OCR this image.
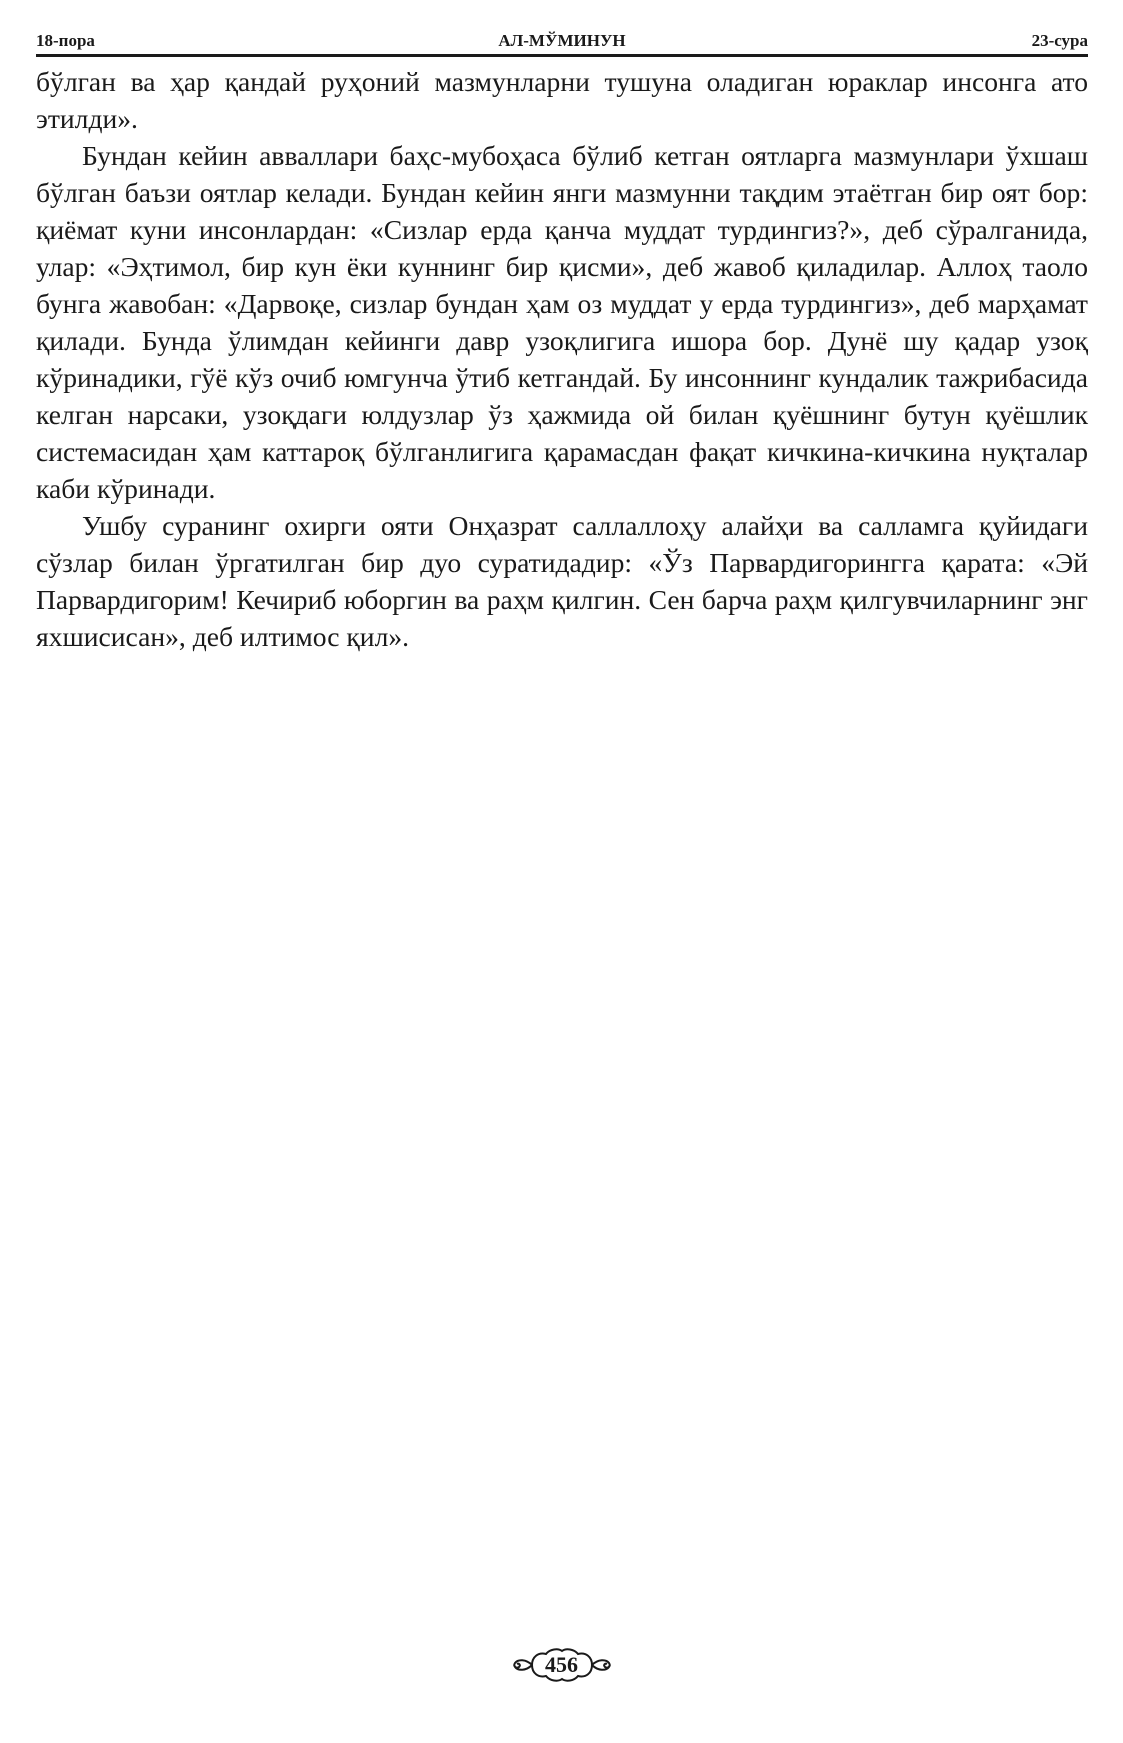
18-пора	АЛ-МЎМИНУН	23-сура

бўлган ва ҳар қандай руҳоний мазмунларни тушуна оладиган юраклар инсонга ато этилди».

Бундан кейин авваллари баҳс-мубоҳаса бўлиб кетган оятларга мазмунлари ўхшаш бўлган баъзи оятлар келади. Бундан кейин янги мазмунни тақдим этаётган бир оят бор: қиёмат куни инсонлардан: «Сизлар ерда қанча муддат турдингиз?», деб сўралганида, улар: «Эҳтимол, бир кун ёки куннинг бир қисми», деб жавоб қиладилар. Аллоҳ таоло бунга жавобан: «Дарвоқе, сизлар бундан ҳам оз муддат у ерда турдингиз», деб марҳамат қилади. Бунда ўлимдан кейинги давр узоқлигига ишора бор. Дунё шу қадар узоқ кўринадики, гўё кўз очиб юмгунча ўтиб кетгандай. Бу инсоннинг кундалик тажрибасида келган нарсаки, узоқдаги юлдузлар ўз ҳажмида ой билан қуёшнинг бутун қуёшлик системасидан ҳам каттароқ бўлганлигига қарамасдан фақат кичкина-кичкина нуқталар каби кўринади.

Ушбу суранинг охирги ояти Онҳазрат саллаллоҳу алайҳи ва салламга қуйидаги сўзлар билан ўргатилган бир дуо суратидадир: «Ўз Парвардигорингга қарата: «Эй Парвардигорим! Кечириб юборгин ва раҳм қилгин. Сен барча раҳм қилгувчиларнинг энг яхшисисан», деб илтимос қил».

456
